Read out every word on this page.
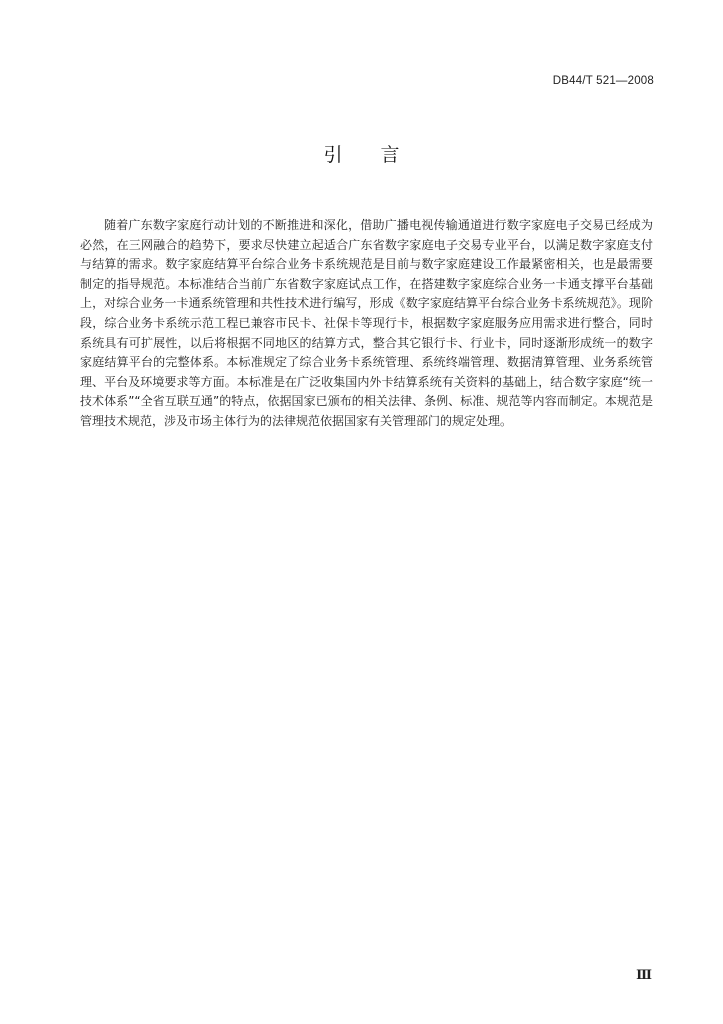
DB44/T 521—2008
引言

随着广东数字家庭行动计划的不断推进和深化，借助广播电视传输通道进行数字家庭电子交易已经成为必然，在三网融合的趋势下，要求尽快建立起适合广东省数字家庭电子交易专业平台，以满足数字家庭支付与结算的需求。数字家庭结算平台综合业务卡系统规范是目前与数字家庭建设工作最紧密相关，也是最需要制定的指导规范。本标准结合当前广东省数字家庭试点工作，在搭建数字家庭综合业务一卡通支撑平台基础上，对综合业务一卡通系统管理和共性技术进行编写，形成《数字家庭结算平台综合业务卡系统规范》。现阶段，综合业务卡系统示范工程已兼容市民卡、社保卡等现行卡，根据数字家庭服务应用需求进行整合，同时系统具有可扩展性，以后将根据不同地区的结算方式，整合其它银行卡、行业卡，同时逐渐形成统一的数字家庭结算平台的完整体系。本标准规定了综合业务卡系统管理、系统终端管理、数据清算管理、业务系统管理、平台及环境要求等方面。本标准是在广泛收集国内外卡结算系统有关资料的基础上，结合数字家庭“统一技术体系”“全省互联互通”的特点，依据国家已颁布的相关法律、条例、标准、规范等内容而制定。本规范是管理技术规范，涉及市场主体行为的法律规范依据国家有关管理部门的规定处理。

Ⅲ
